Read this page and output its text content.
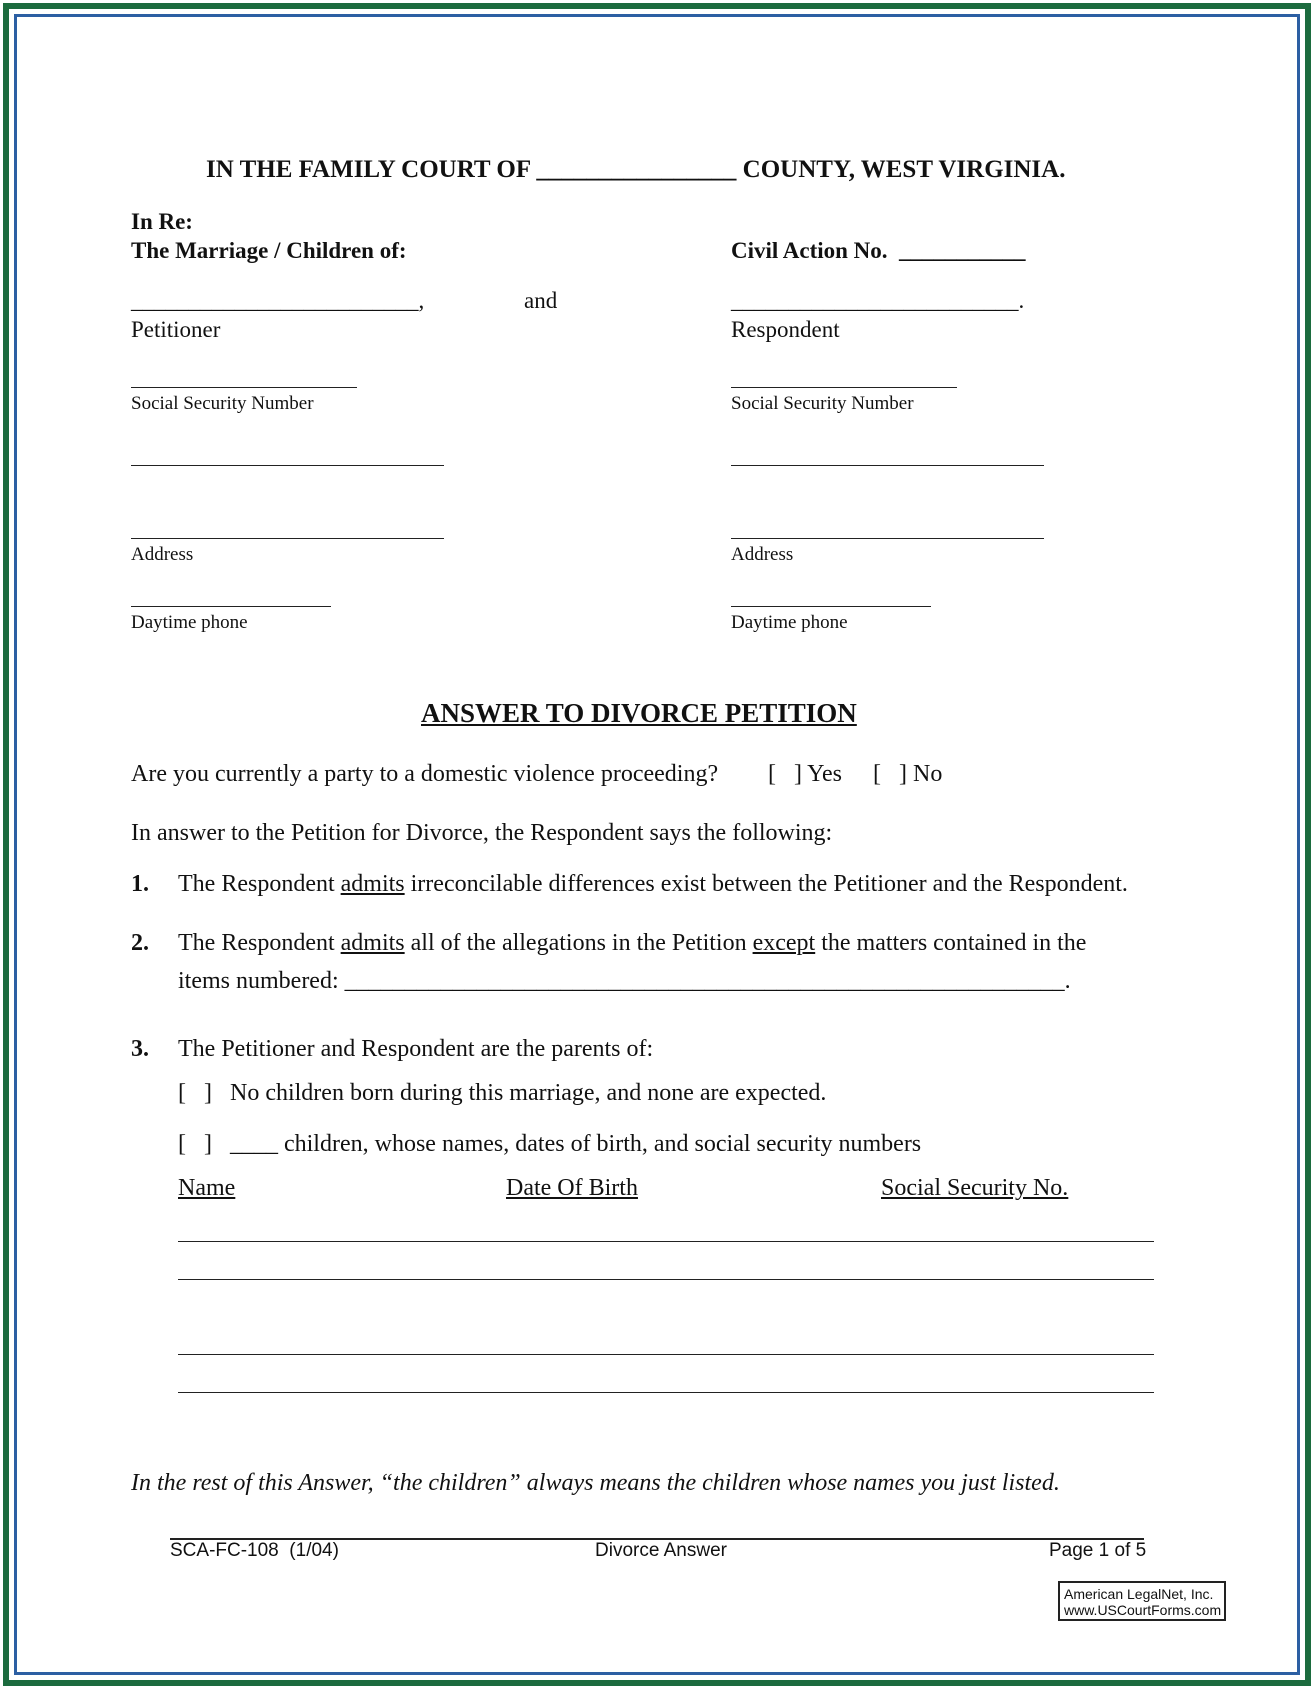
IN THE FAMILY COURT OF ________________ COUNTY, WEST VIRGINIA.
In Re:
The Marriage / Children of:	Civil Action No.  ___________
_________________________,	and	_________________________.
Petitioner	Respondent
Social Security Number	Social Security Number
Address	Address
Daytime phone	Daytime phone
ANSWER TO DIVORCE PETITION
Are you currently a party to a domestic violence proceeding? [   ] Yes [   ] No
In answer to the Petition for Divorce, the Respondent says the following:
1. The Respondent admits irreconcilable differences exist between the Petitioner and the Respondent.
2. The Respondent admits all of the allegations in the Petition except the matters contained in the
items numbered: ____________________________________________________________.
3. The Petitioner and Respondent are the parents of:
[   ]   No children born during this marriage, and none are expected.
[   ]   ____ children, whose names, dates of birth, and social security numbers
Name	Date Of Birth	Social Security No.
In the rest of this Answer, “the children” always means the children whose names you just listed.
SCA-FC-108  (1/04)	Divorce Answer	Page 1 of 5
American LegalNet, Inc.
www.USCourtForms.com
